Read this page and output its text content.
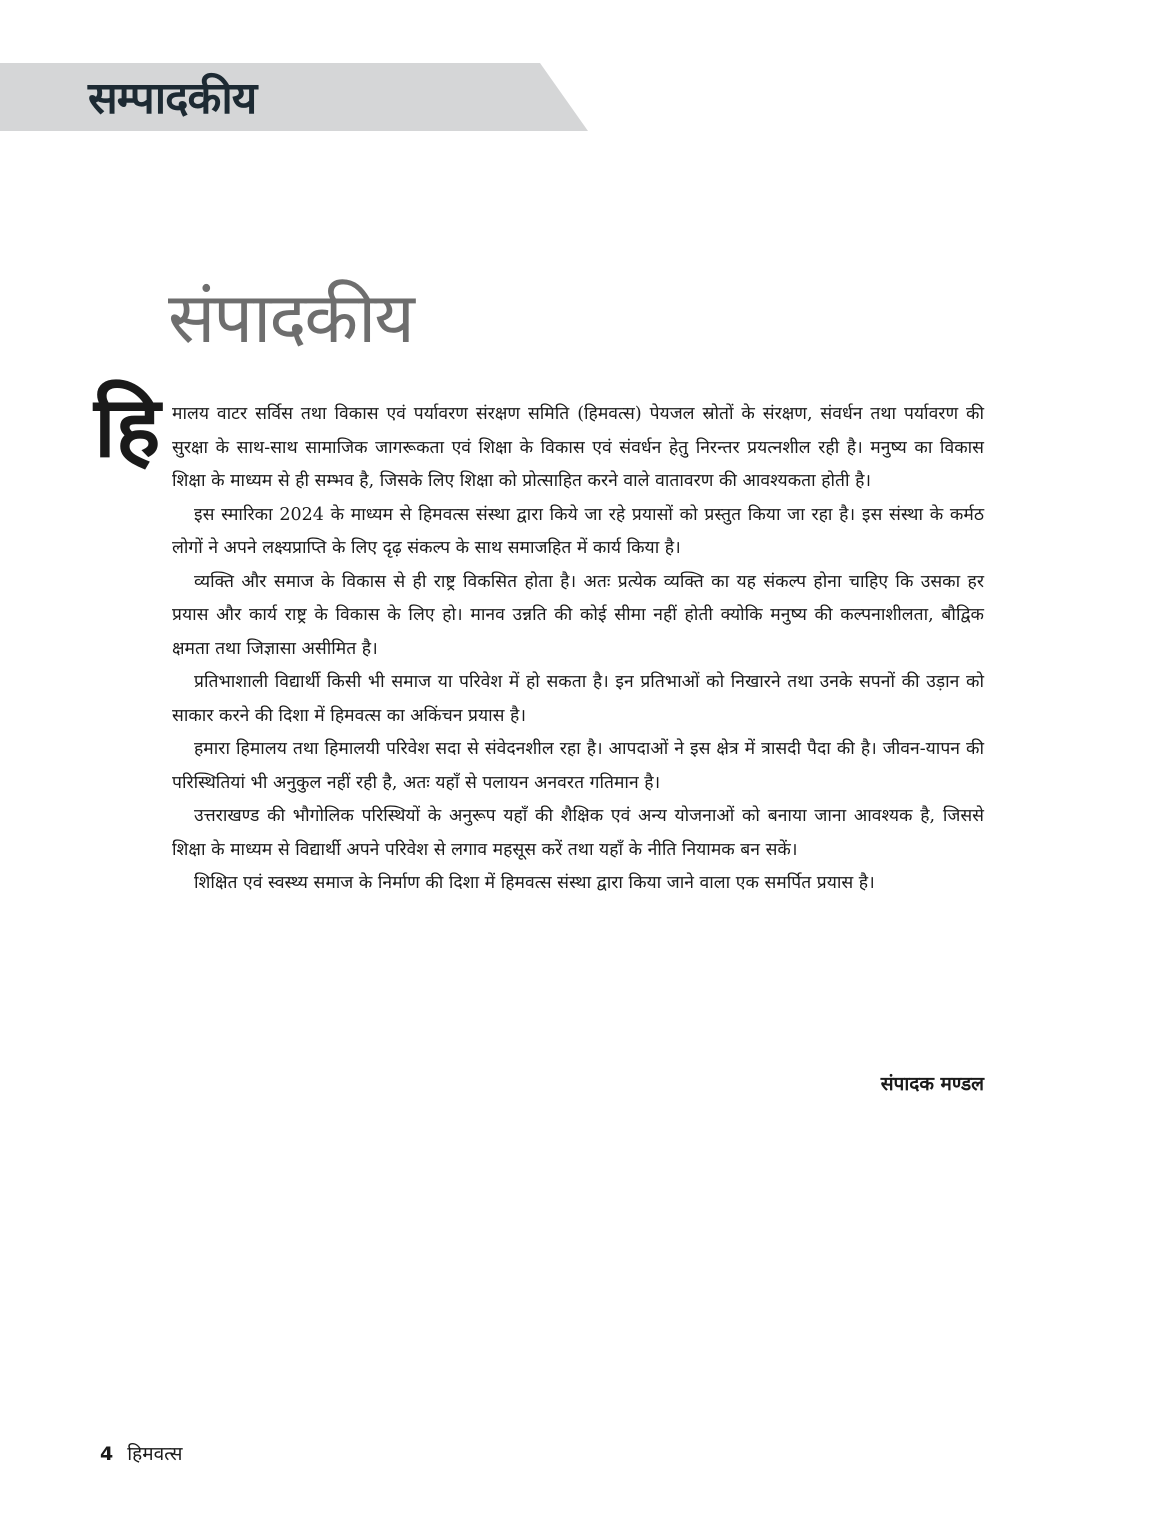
सम्पादकीय
संपादकीय
हि मालय वाटर सर्विस तथा विकास एवं पर्यावरण संरक्षण समिति (हिमवत्स) पेयजल स्रोतों के संरक्षण, संवर्धन तथा पर्यावरण की सुरक्षा के साथ-साथ सामाजिक जागरूकता एवं शिक्षा के विकास एवं संवर्धन हेतु निरन्तर प्रयत्नशील रही है। मनुष्य का विकास शिक्षा के माध्यम से ही सम्भव है, जिसके लिए शिक्षा को प्रोत्साहित करने वाले वातावरण की आवश्यकता होती है।

इस स्मारिका 2024 के माध्यम से हिमवत्स संस्था द्वारा किये जा रहे प्रयासों को प्रस्तुत किया जा रहा है। इस संस्था के कर्मठ लोगों ने अपने लक्ष्यप्राप्ति के लिए दृढ़ संकल्प के साथ समाजहित में कार्य किया है।

व्यक्ति और समाज के विकास से ही राष्ट्र विकसित होता है। अतः प्रत्येक व्यक्ति का यह संकल्प होना चाहिए कि उसका हर प्रयास और कार्य राष्ट्र के विकास के लिए हो। मानव उन्नति की कोई सीमा नहीं होती क्योकि मनुष्य की कल्पनाशीलता, बौद्विक क्षमता तथा जिज्ञासा असीमित है।

प्रतिभाशाली विद्यार्थी किसी भी समाज या परिवेश में हो सकता है। इन प्रतिभाओं को निखारने तथा उनके सपनों की उड़ान को साकार करने की दिशा में हिमवत्स का अकिंचन प्रयास है।

हमारा हिमालय तथा हिमालयी परिवेश सदा से संवेदनशील रहा है। आपदाओं ने इस क्षेत्र में त्रासदी पैदा की है। जीवन-यापन की परिस्थितियां भी अनुकुल नहीं रही है, अतः यहाँ से पलायन अनवरत गतिमान है।

उत्तराखण्ड की भौगोलिक परिस्थियों के अनुरूप यहाँ की शैक्षिक एवं अन्य योजनाओं को बनाया जाना आवश्यक है, जिससे शिक्षा के माध्यम से विद्यार्थी अपने परिवेश से लगाव महसूस करें तथा यहाँ के नीति नियामक बन सकें।

शिक्षित एवं स्वस्थ्य समाज के निर्माण की दिशा में हिमवत्स संस्था द्वारा किया जाने वाला एक समर्पित प्रयास है।

संपादक मण्डल
4 हिमवत्स
